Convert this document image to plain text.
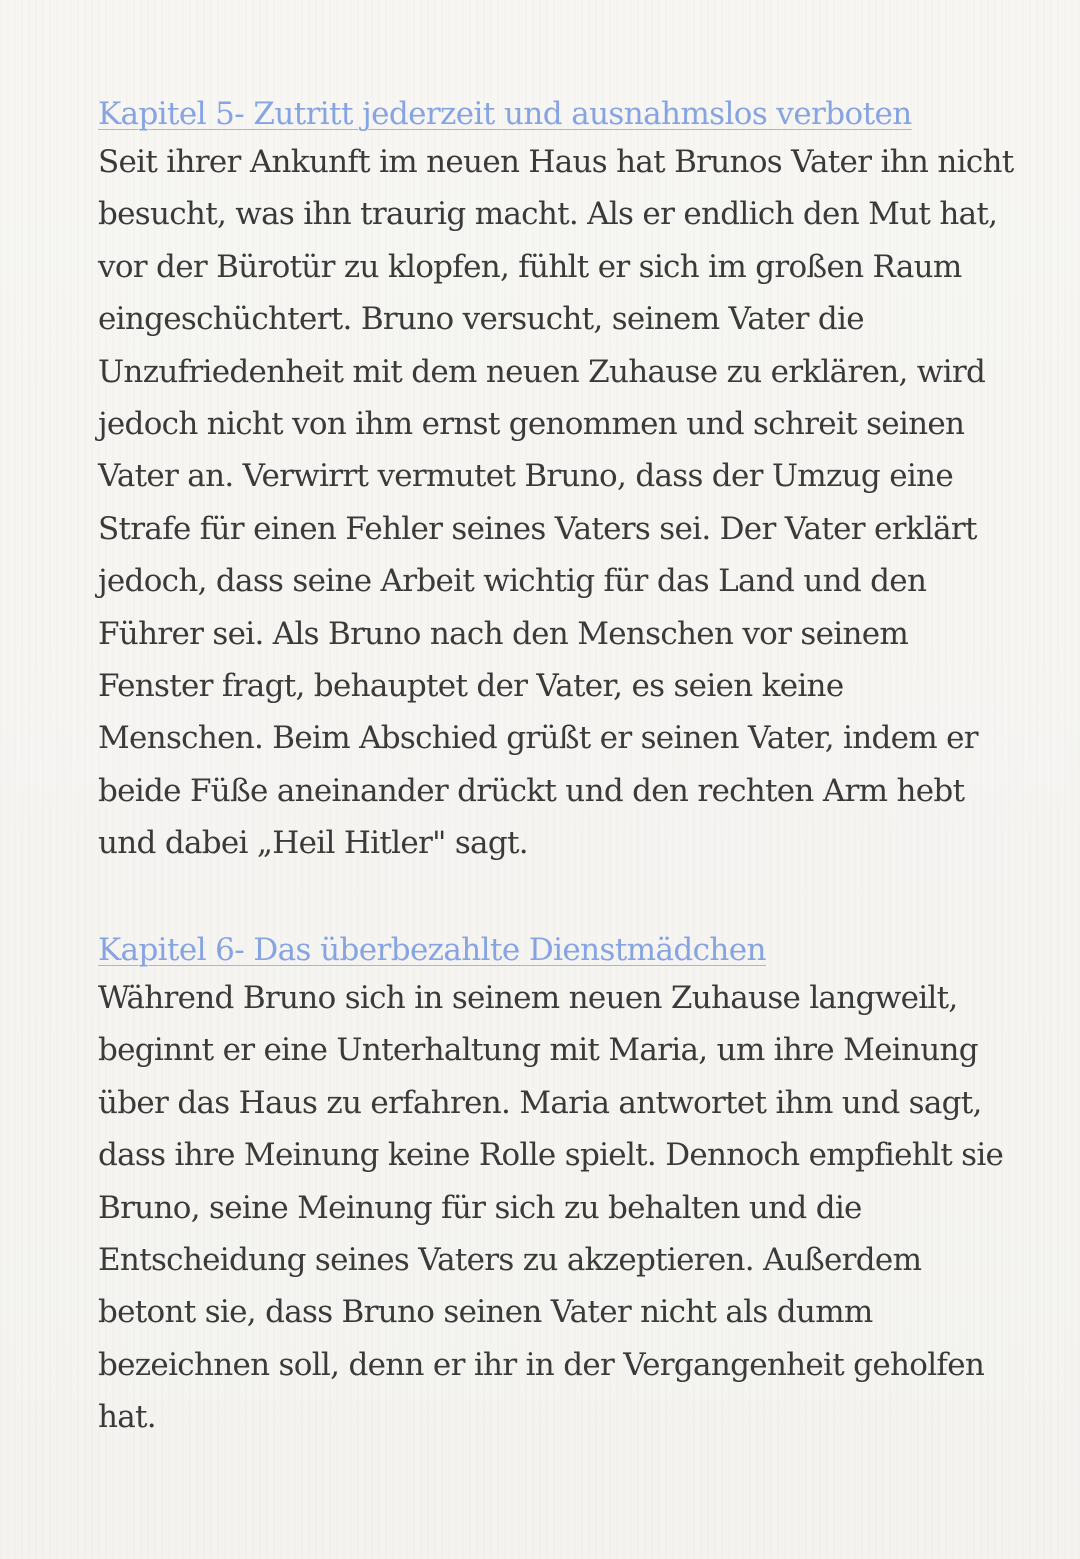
Kapitel 5- Zutritt jederzeit und ausnahmslos verboten
Seit ihrer Ankunft im neuen Haus hat Brunos Vater ihn nicht
besucht, was ihn traurig macht. Als er endlich den Mut hat,
vor der Bürotür zu klopfen, fühlt er sich im großen Raum
eingeschüchtert. Bruno versucht, seinem Vater die
Unzufriedenheit mit dem neuen Zuhause zu erklären, wird
jedoch nicht von ihm ernst genommen und schreit seinen
Vater an. Verwirrt vermutet Bruno, dass der Umzug eine
Strafe für einen Fehler seines Vaters sei. Der Vater erklärt
jedoch, dass seine Arbeit wichtig für das Land und den
Führer sei. Als Bruno nach den Menschen vor seinem
Fenster fragt, behauptet der Vater, es seien keine
Menschen. Beim Abschied grüßt er seinen Vater, indem er
beide Füße aneinander drückt und den rechten Arm hebt
und dabei „Heil Hitler" sagt.
Kapitel 6- Das überbezahlte Dienstmädchen
Während Bruno sich in seinem neuen Zuhause langweilt,
beginnt er eine Unterhaltung mit Maria, um ihre Meinung
über das Haus zu erfahren. Maria antwortet ihm und sagt,
dass ihre Meinung keine Rolle spielt. Dennoch empfiehlt sie
Bruno, seine Meinung für sich zu behalten und die
Entscheidung seines Vaters zu akzeptieren. Außerdem
betont sie, dass Bruno seinen Vater nicht als dumm
bezeichnen soll, denn er ihr in der Vergangenheit geholfen
hat.
